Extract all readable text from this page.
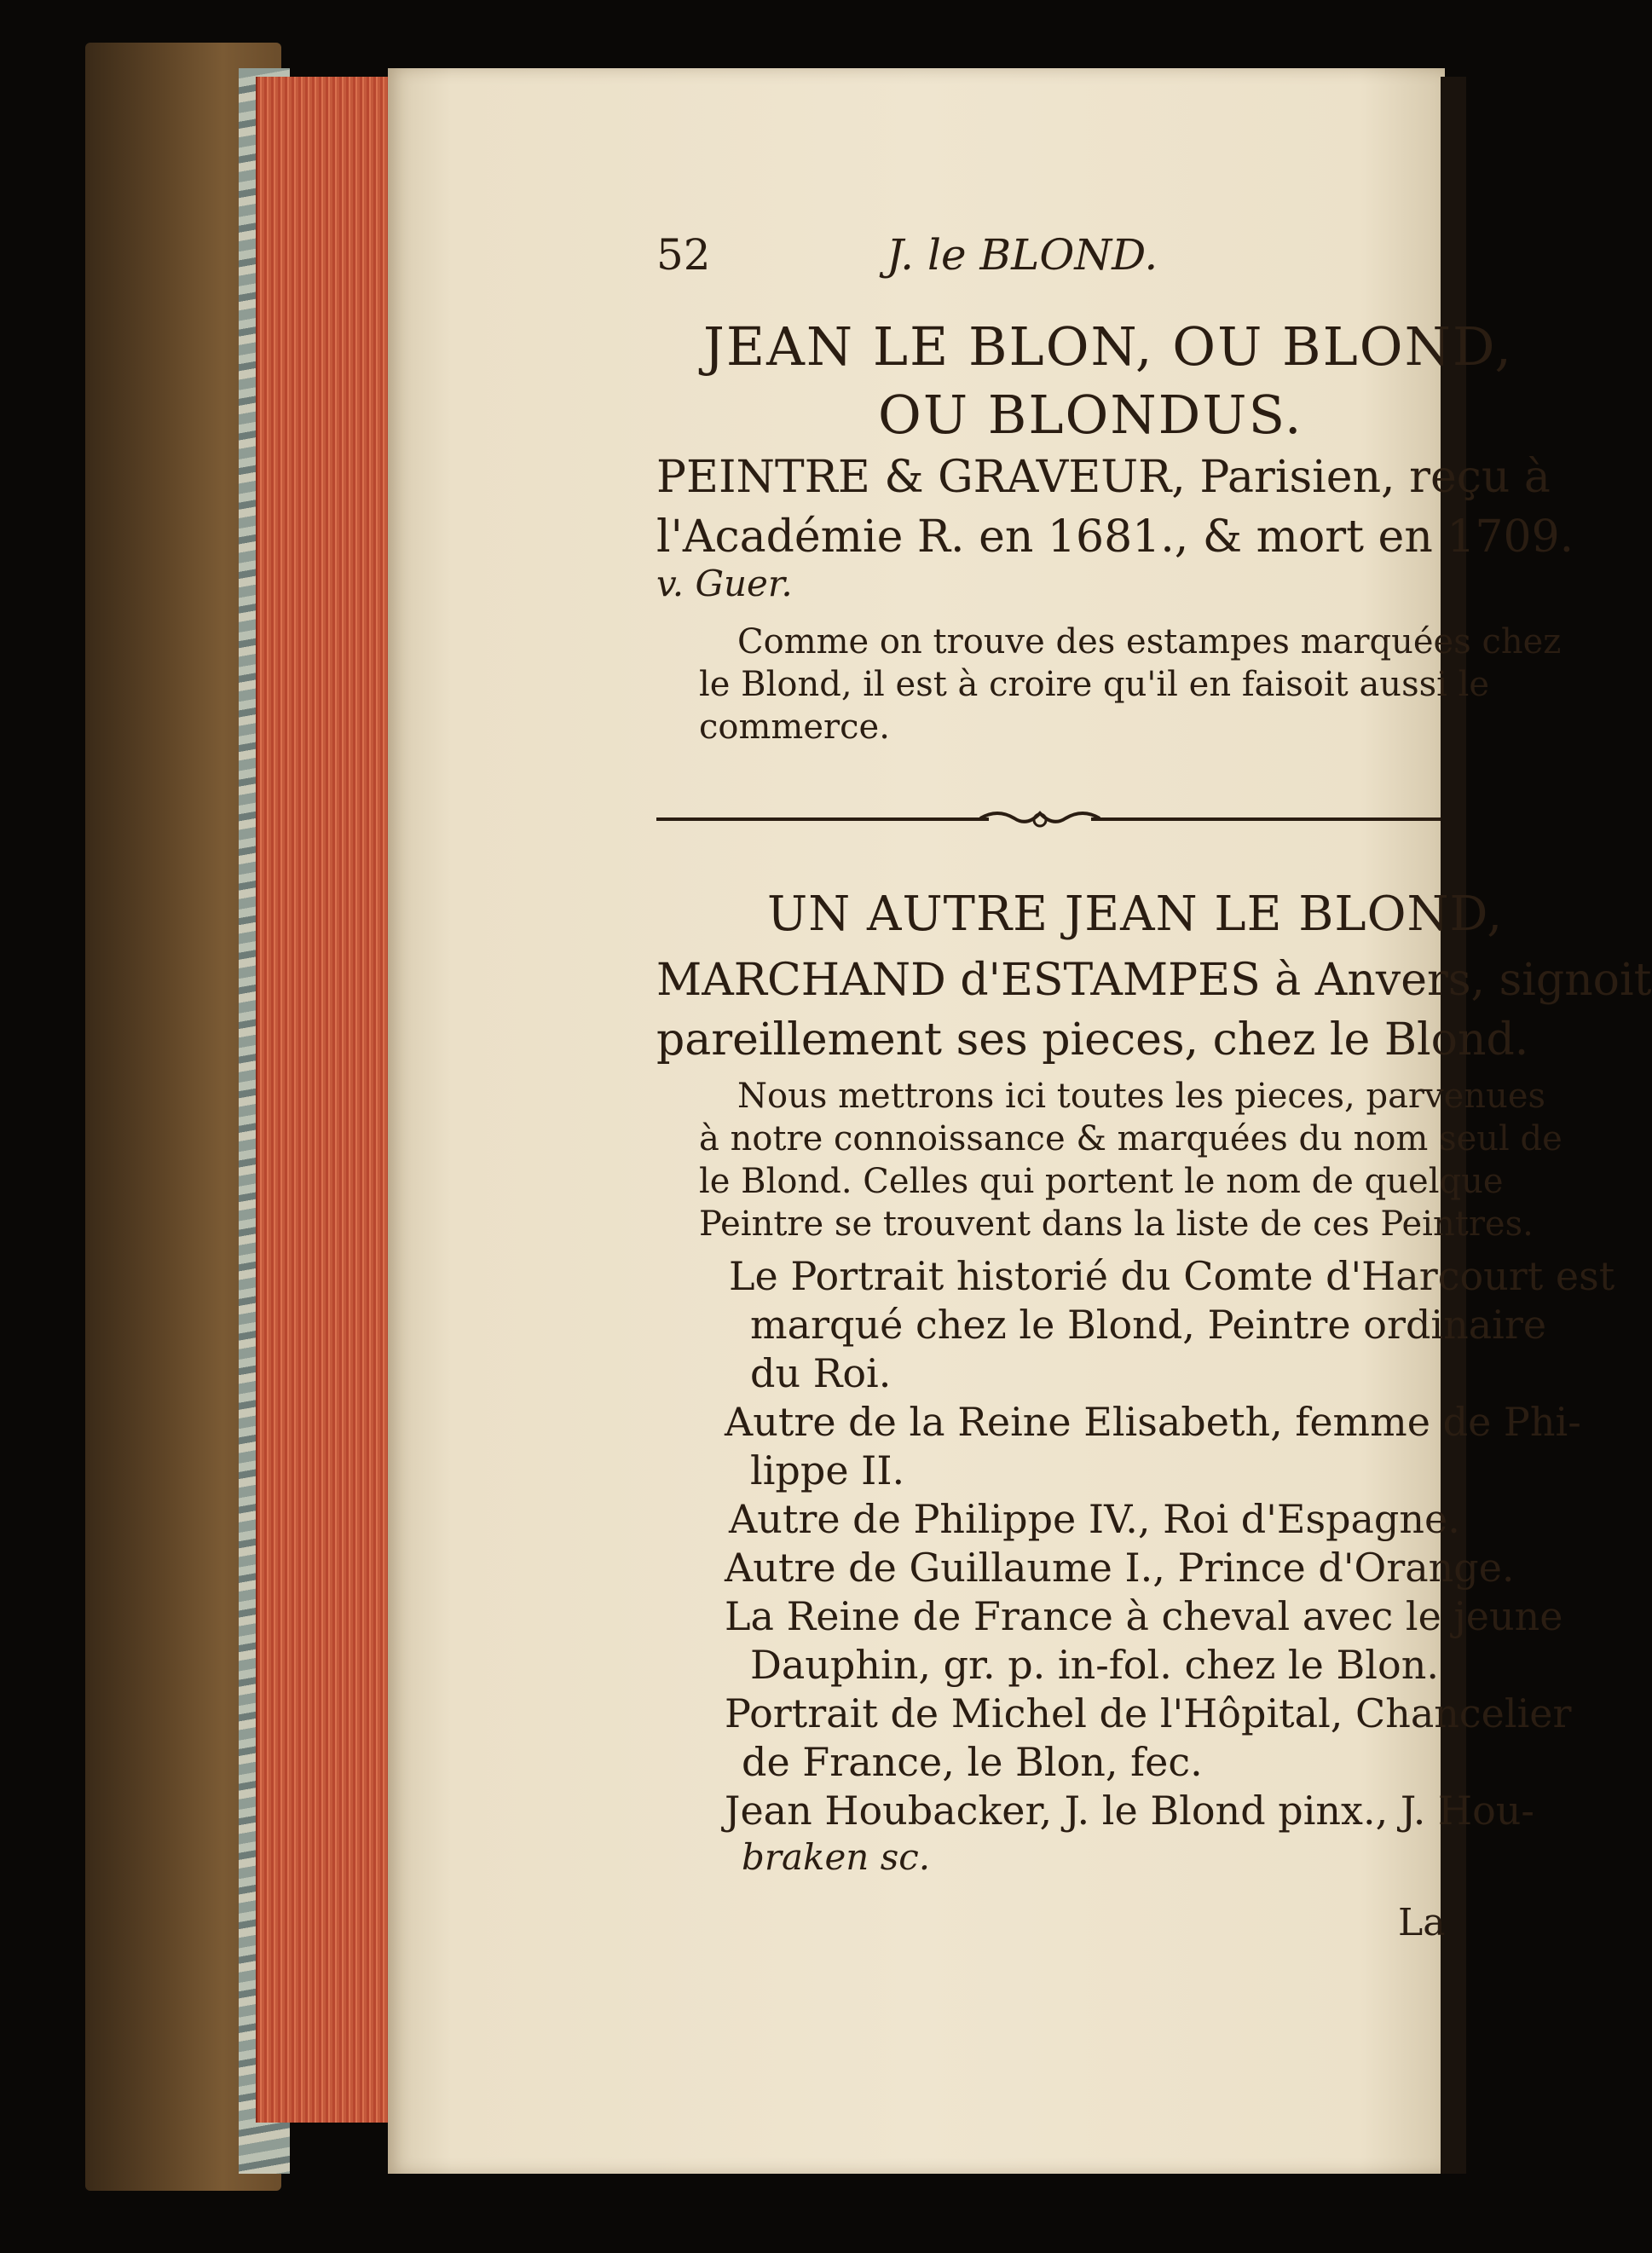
52	J. le BLOND.
JEAN LE BLON, OU BLOND,
OU BLONDUS.
PEINTRE & GRAVEUR, Parisien, reçu à
l'Académie R. en 1681., & mort en 1709.
v. Guer.
Comme on trouve des estampes marquées chez
le Blond, il est à croire qu'il en faisoit aussi le
commerce.
UN AUTRE JEAN LE BLOND,
MARCHAND d'ESTAMPES à Anvers, signoit
pareillement ses pieces, chez le Blond.
Nous mettrons ici toutes les pieces, parvenues
à notre connoissance & marquées du nom seul de
le Blond. Celles qui portent le nom de quelque
Peintre se trouvent dans la liste de ces Peintres.
Le Portrait historié du Comte d'Harcourt est
marqué chez le Blond, Peintre ordinaire
du Roi.
Autre de la Reine Elisabeth, femme de Phi-
lippe II.
Autre de Philippe IV., Roi d'Espagne.
Autre de Guillaume I., Prince d'Orange.
La Reine de France à cheval avec le jeune
Dauphin, gr. p. in-fol. chez le Blon.
Portrait de Michel de l'Hôpital, Chancelier
de France, le Blon, fec.
Jean Houbacker, J. le Blond pinx., J. Hou-
braken sc.
La
